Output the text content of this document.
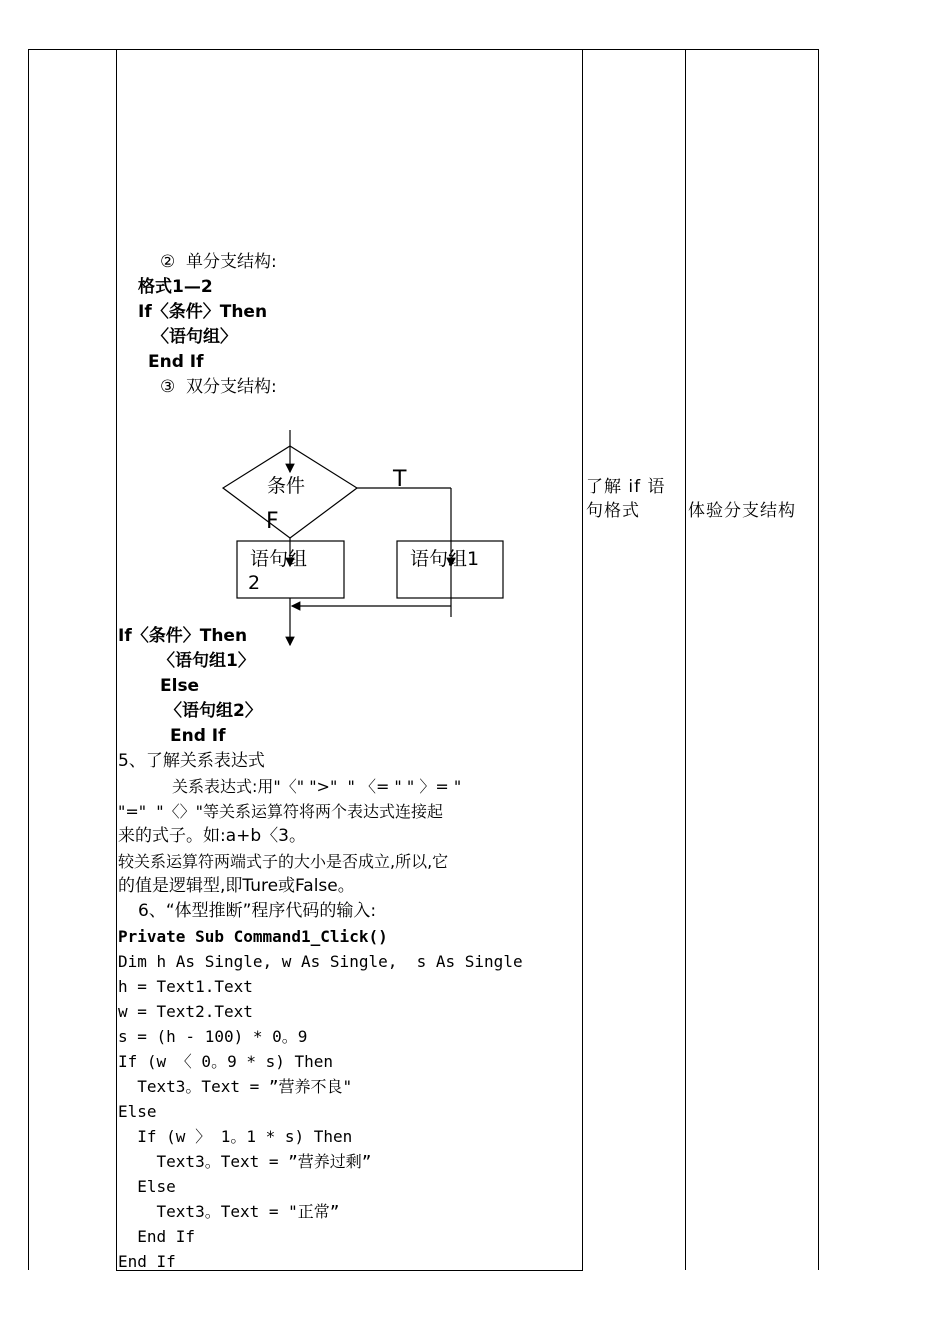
②  单分支结构:
格式1—2
If〈条件〉Then
〈语句组〉
End If
③  双分支结构:
条件	T
F
语句组
2
语句组1
If〈条件〉Then
〈语句组1〉
Else
〈语句组2〉
End If
5、了解关系表达式
关系表达式:用"〈" ">"  " 〈= " " 〉= "
"="  "〈〉"等关系运算符将两个表达式连接起
来的式子。如:a+b〈3。
较关系运算符两端式子的大小是否成立,所以,它
的值是逻辑型,即Ture或False。
6、“体型推断”程序代码的输入:
Private Sub Command1_Click()
Dim h As Single, w As Single,  s As Single
h = Text1.Text
w = Text2.Text
s = (h - 100) * 0。9
If (w 〈 0。9 * s) Then
Text3。Text = ”营养不良"
Else
If (w 〉 1。1 * s) Then
Text3。Text = ”营养过剩”
Else
Text3。Text = "正常”
End If
End If
了解 if 语
句格式	体验分支结构
